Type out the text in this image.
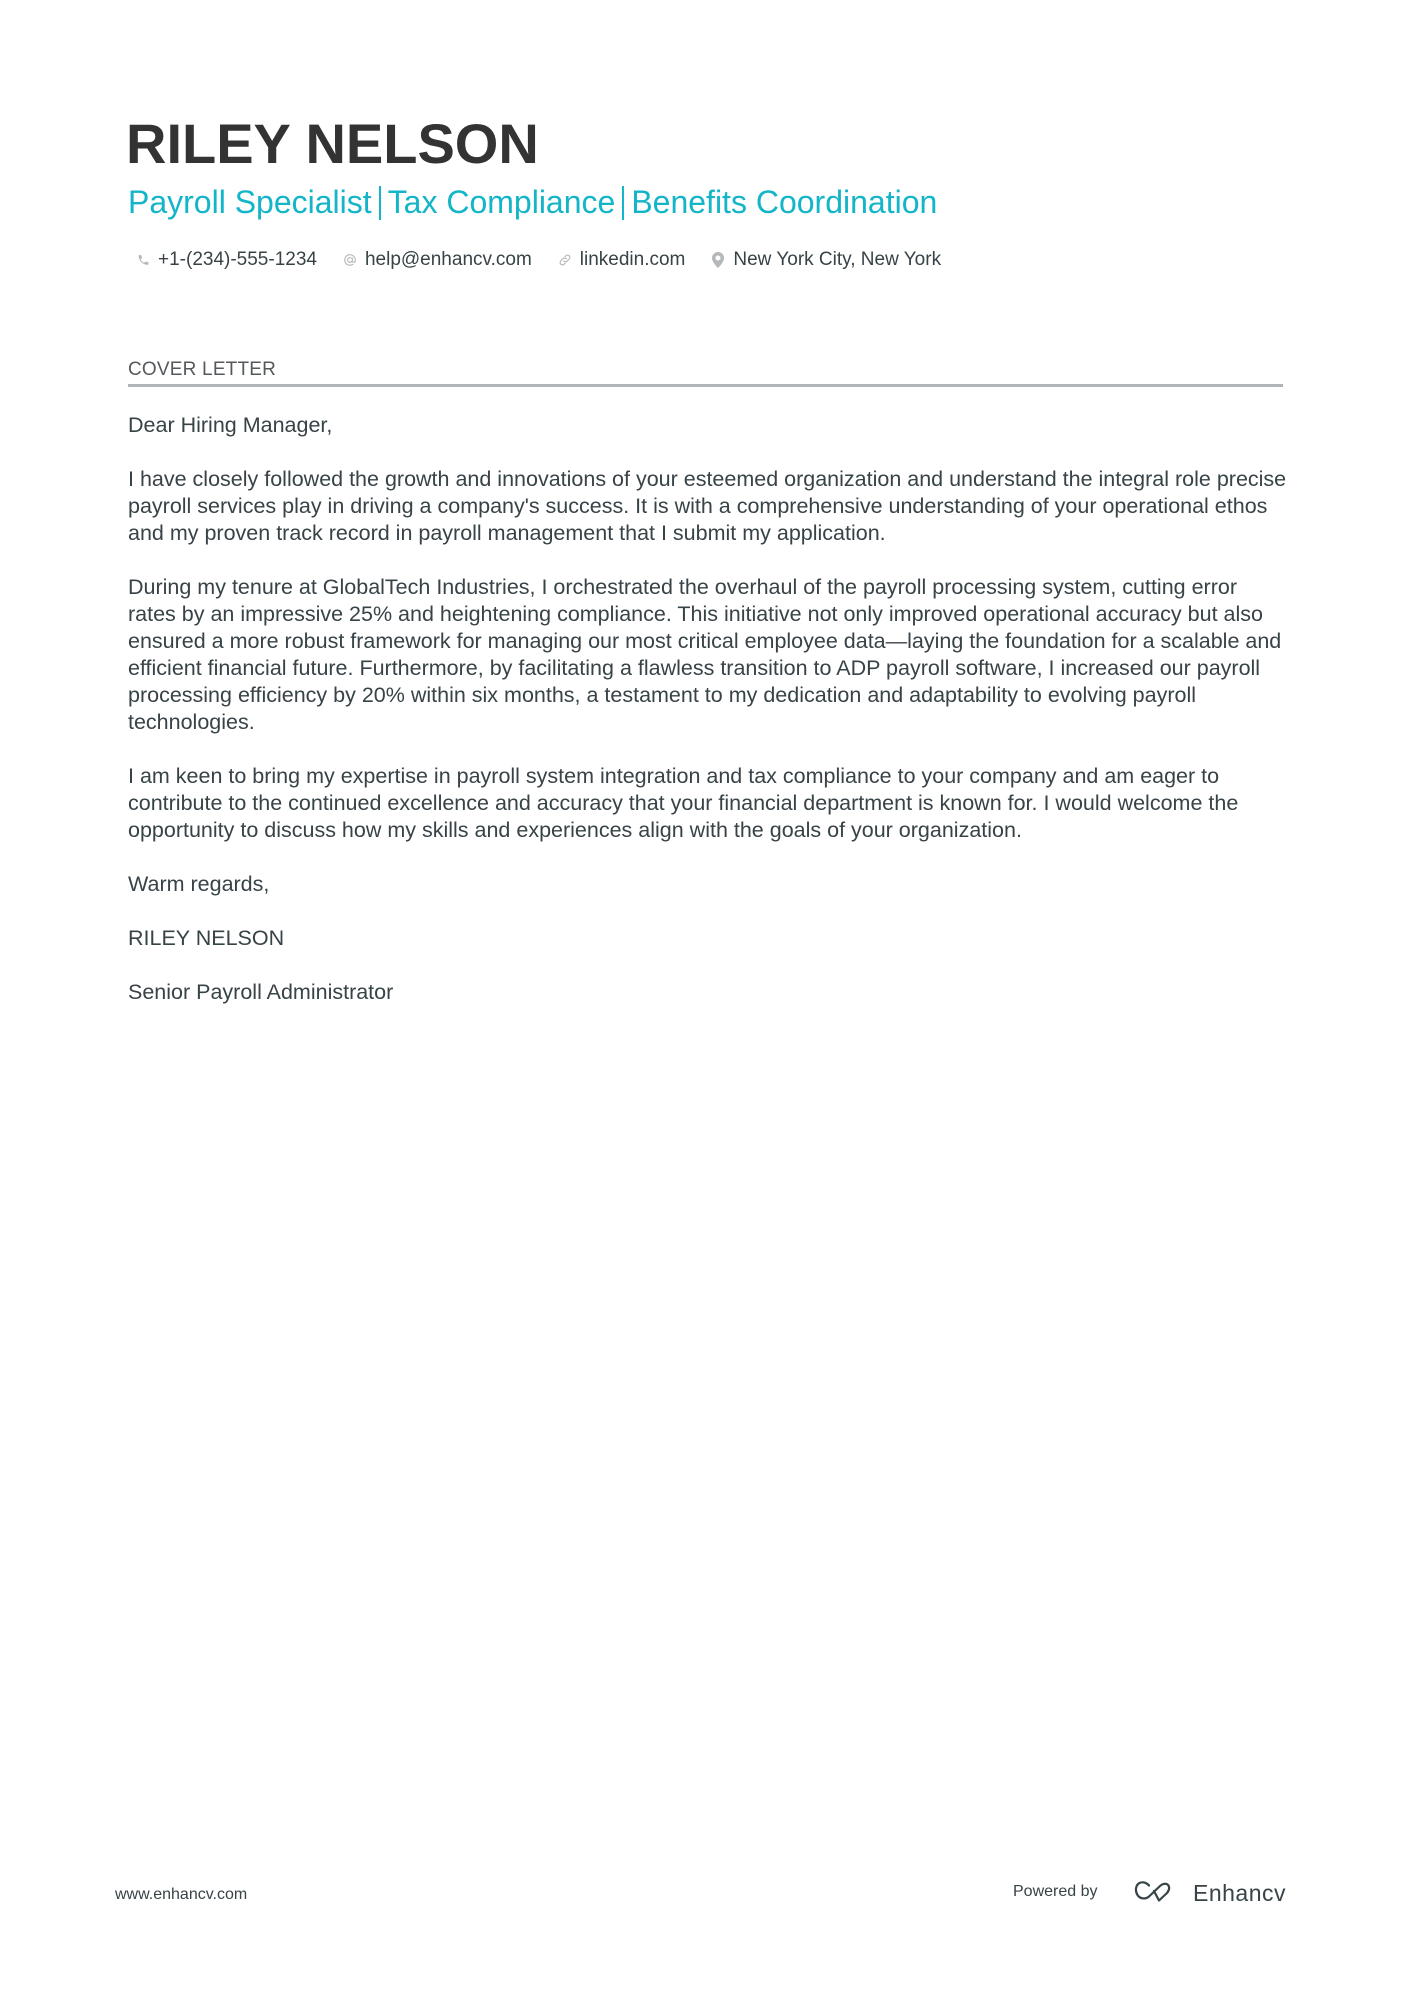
RILEY NELSON
Payroll Specialist Tax Compliance Benefits Coordination
+1-(234)-555-1234	help@enhancv.com	linkedin.com	New York City, New York
COVER LETTER

Dear Hiring Manager,

I have closely followed the growth and innovations of your esteemed organization and understand the integral role precise payroll services play in driving a company's success. It is with a comprehensive understanding of your operational ethos and my proven track record in payroll management that I submit my application.

During my tenure at GlobalTech Industries, I orchestrated the overhaul of the payroll processing system, cutting error rates by an impressive 25% and heightening compliance. This initiative not only improved operational accuracy but also ensured a more robust framework for managing our most critical employee data—laying the foundation for a scalable and efficient financial future. Furthermore, by facilitating a flawless transition to ADP payroll software, I increased our payroll processing efficiency by 20% within six months, a testament to my dedication and adaptability to evolving payroll technologies.

I am keen to bring my expertise in payroll system integration and tax compliance to your company and am eager to contribute to the continued excellence and accuracy that your financial department is known for. I would welcome the opportunity to discuss how my skills and experiences align with the goals of your organization.

Warm regards,

RILEY NELSON

Senior Payroll Administrator

www.enhancv.com	Powered by	Enhancv
